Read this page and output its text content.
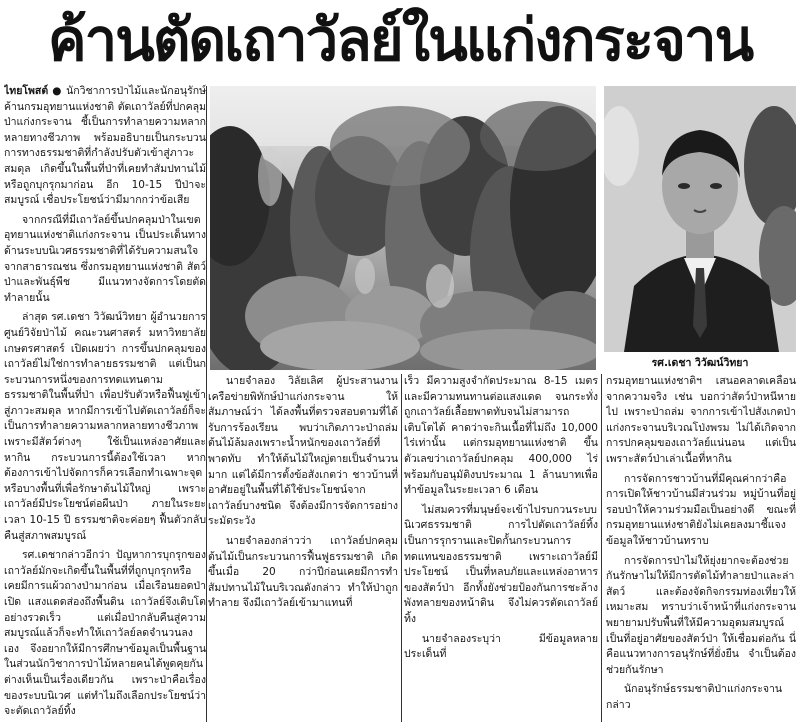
ค้านตัดเถาวัลย์ในแก่งกระจาน

ไทยโพสต์ ● นักวิชาการป่าไม้และนักอนุรักษ์ค้านกรมอุทยานแห่งชาติ ตัดเถาวัลย์ที่ปกคลุมป่าแก่งกระจาน ชี้เป็นการทำลายความหลากหลายทางชีวภาพ พร้อมอธิบายเป็นกระบวนการทางธรรมชาติที่กำลังปรับตัวเข้าสู่ภาวะสมดุล เกิดขึ้นในพื้นที่ป่าที่เคยทำสัมปทานไม้หรือถูกบุกรุกมาก่อน อีก 10-15 ปีป่าจะสมบูรณ์ เชื่อประโยชน์ว่ามีมากกว่าข้อเสีย

จากกรณีที่มีเถาวัลย์ขึ้นปกคลุมป่าในเขตอุทยานแห่งชาติแก่งกระจาน เป็นประเด็นทางด้านระบบนิเวศธรรมชาติที่ได้รับความสนใจจากสาธารณชน ซึ่งกรมอุทยานแห่งชาติ สัตว์ป่าและพันธุ์พืช มีแนวทางจัดการโดยตัดทำลายนั้น

ล่าสุด รศ.เดชา วิวัฒน์วิทยา ผู้อำนวยการศูนย์วิจัยป่าไม้ คณะวนศาสตร์ มหาวิทยาลัยเกษตรศาสตร์ เปิดเผยว่า การขึ้นปกคลุมของเถาวัลย์ไม่ใช่การทำลายธรรมชาติ แต่เป็นกระบวนการหนึ่งของการทดแทนตามธรรมชาติในพื้นที่ป่า เพื่อปรับตัวหรือฟื้นฟูเข้าสู่ภาวะสมดุล หากมีการเข้าไปตัดเถาวัลย์ก็จะเป็นการทำลายความหลากหลายทางชีวภาพ เพราะมีสัตว์ต่างๆ ใช้เป็นแหล่งอาศัยและหากิน กระบวนการนี้ต้องใช้เวลา หากต้องการเข้าไปจัดการก็ควรเลือกทำเฉพาะจุดหรือบางพื้นที่เพื่อรักษาต้นไม้ใหญ่ เพราะเถาวัลย์มีประโยชน์ต่อผืนป่า ภายในระยะเวลา 10-15 ปี ธรรมชาติจะค่อยๆ ฟื้นตัวกลับคืนสู่สภาพสมบูรณ์

รศ.เดชากล่าวอีกว่า ปัญหาการบุกรุกของเถาวัลย์มักจะเกิดขึ้นในพื้นที่ที่ถูกบุกรุกหรือเคยมีการแผ้วถางป่ามาก่อน เมื่อเรือนยอดป่าเปิด แสงแดดส่องถึงพื้นดิน เถาวัลย์จึงเติบโตอย่างรวดเร็ว แต่เมื่อป่ากลับคืนสู่ความสมบูรณ์แล้วก็จะทำให้เถาวัลย์ลดจำนวนลงเอง จึงอยากให้มีการศึกษาข้อมูลเป็นพื้นฐาน ในส่วนนักวิชาการป่าไม้หลายคนได้พูดคุยกันต่างเห็นเป็นเรื่องเดียวกัน เพราะป่าคือเรื่องของระบบนิเวศ แต่ทำไมถึงเลือกประโยชน์ว่าจะตัดเถาวัลย์ทิ้ง

รศ.เดชา วิวัฒน์วิทยา

นายจำลอง วิลัยเลิศ ผู้ประสานงานเครือข่ายพิทักษ์ป่าแก่งกระจาน ให้สัมภาษณ์ว่า ได้ลงพื้นที่ตรวจสอบตามที่ได้รับการร้องเรียน พบว่าเกิดภาวะป่าถล่ม ต้นไม้ล้มลงเพราะน้ำหนักของเถาวัลย์ที่พาดทับ ทำให้ต้นไม้ใหญ่ตายเป็นจำนวนมาก แต่ได้มีการตั้งข้อสังเกตว่า ชาวบ้านที่อาศัยอยู่ในพื้นที่ได้ใช้ประโยชน์จากเถาวัลย์บางชนิด จึงต้องมีการจัดการอย่างระมัดระวัง

นายจำลองกล่าวว่า เถาวัลย์ปกคลุมต้นไม้เป็นกระบวนการฟื้นฟูธรรมชาติ เกิดขึ้นเมื่อ 20 กว่าปีก่อนเคยมีการทำสัมปทานไม้ในบริเวณดังกล่าว ทำให้ป่าถูกทำลาย จึงมีเถาวัลย์เข้ามาแทนที่

เร็ว มีความสูงจำกัดประมาณ 8-15 เมตร และมีความทนทานต่อแสงแดด จนกระทั่งถูกเถาวัลย์เลื้อยพาดทับจนไม่สามารถเติบโตได้ คาดว่าจะกินเนื้อที่ไม่ถึง 10,000 ไร่เท่านั้น แต่กรมอุทยานแห่งชาติ ขึ้นตัวเลขว่าเถาวัลย์ปกคลุม 400,000 ไร่ พร้อมกับอนุมัติงบประมาณ 1 ล้านบาทเพื่อทำข้อมูลในระยะเวลา 6 เดือน

ไม่สมควรที่มนุษย์จะเข้าไปรบกวนระบบนิเวศธรรมชาติ การไปตัดเถาวัลย์ทิ้งเป็นการรุกรานและปิดกั้นกระบวนการทดแทนของธรรมชาติ เพราะเถาวัลย์มีประโยชน์ เป็นที่หลบภัยและแหล่งอาหารของสัตว์ป่า อีกทั้งยังช่วยป้องกันการชะล้างพังทลายของหน้าดิน จึงไม่ควรตัดเถาวัลย์ทิ้ง

นายจำลองระบุว่า มีข้อมูลหลายประเด็นที่

กรมอุทยานแห่งชาติฯ เสนอคลาดเคลื่อนจากความจริง เช่น บอกว่าสัตว์ป่าหนีหายไป เพราะป่าถล่ม จากการเข้าไปสังเกตป่าแก่งกระจานบริเวณโป่งพรม ไม่ได้เกิดจากการปกคลุมของเถาวัลย์แน่นอน แต่เป็นเพราะสัตว์ป่าเล่าเนื้อที่หากิน

การจัดการชาวบ้านที่มีคุณค่ากว่าคือ การเปิดให้ชาวบ้านมีส่วนร่วม หมู่บ้านที่อยู่รอบป่าให้ความร่วมมือเป็นอย่างดี ขณะที่กรมอุทยานแห่งชาติยังไม่เคยลงมาชี้แจงข้อมูลให้ชาวบ้านทราบ

การจัดการป่าไม่ให้ยุ่งยากจะต้องช่วยกันรักษาไม่ให้มีการตัดไม้ทำลายป่าและล่าสัตว์ และต้องจัดกิจกรรมท่องเที่ยวให้เหมาะสม ทราบว่าเจ้าหน้าที่แก่งกระจานพยายามปรับพื้นที่ให้มีความอุดมสมบูรณ์ เป็นที่อยู่อาศัยของสัตว์ป่า ให้เชื่อมต่อกัน นี่คือแนวทางการอนุรักษ์ที่ยั่งยืน จำเป็นต้องช่วยกันรักษา

นักอนุรักษ์ธรรมชาติป่าแก่งกระจานกล่าว
